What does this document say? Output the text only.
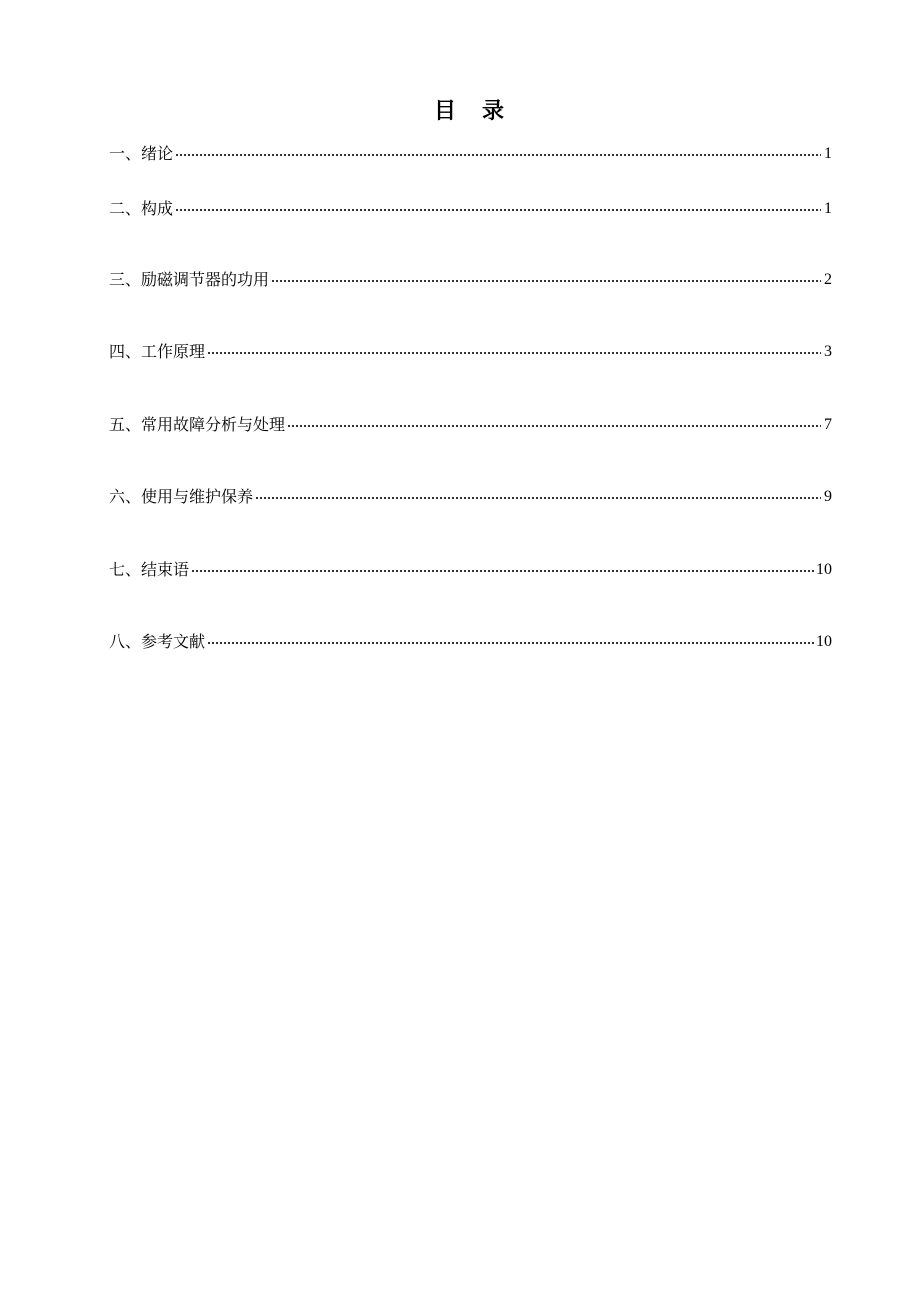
目 录
一、绪论	1
二、构成	1
三、励磁调节器的功用	2
四、工作原理	3
五、常用故障分析与处理	7
六、使用与维护保养	9
七、结束语	10
八、参考文献	10
